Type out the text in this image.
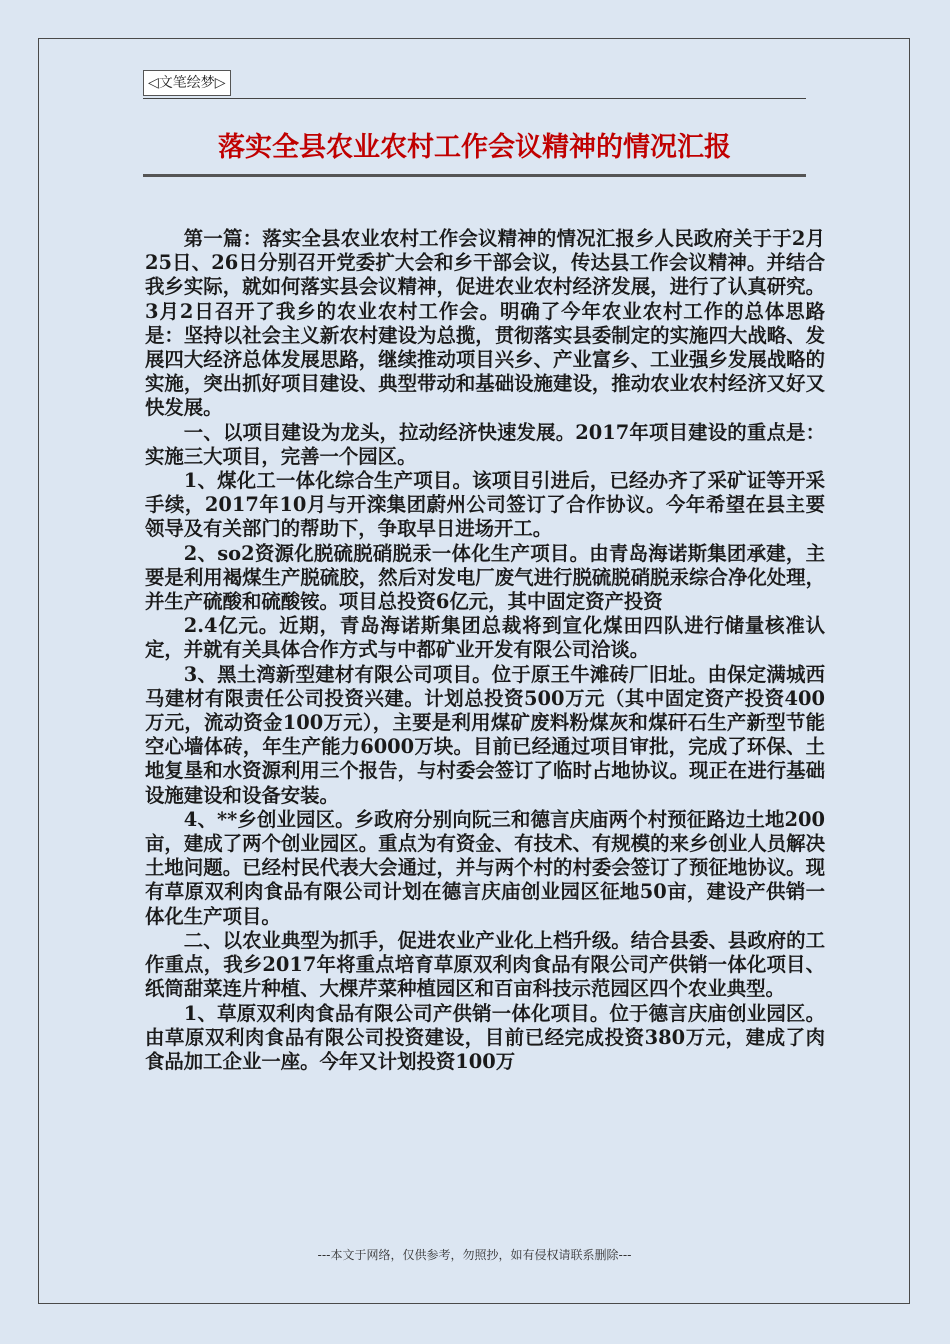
◁文笔绘梦▷
落实全县农业农村工作会议精神的情况汇报

第一篇：落实全县农业农村工作会议精神的情况汇报乡人民政府关于于2月25日、26日分别召开党委扩大会和乡干部会议，传达县工作会议精神。并结合我乡实际，就如何落实县会议精神，促进农业农村经济发展，进行了认真研究。3月2日召开了我乡的农业农村工作会。明确了今年农业农村工作的总体思路是：坚持以社会主义新农村建设为总揽，贯彻落实县委制定的实施四大战略、发展四大经济总体发展思路，继续推动项目兴乡、产业富乡、工业强乡发展战略的实施，突出抓好项目建设、典型带动和基础设施建设，推动农业农村经济又好又快发展。

一、以项目建设为龙头，拉动经济快速发展。2017年项目建设的重点是：实施三大项目，完善一个园区。

1、煤化工一体化综合生产项目。该项目引进后，已经办齐了采矿证等开采手续，2017年10月与开滦集团蔚州公司签订了合作协议。今年希望在县主要领导及有关部门的帮助下，争取早日进场开工。

2、so2资源化脱硫脱硝脱汞一体化生产项目。由青岛海诺斯集团承建，主要是利用褐煤生产脱硫胶，然后对发电厂废气进行脱硫脱硝脱汞综合净化处理，并生产硫酸和硫酸铵。项目总投资6亿元，其中固定资产投资

2.4亿元。近期，青岛海诺斯集团总裁将到宣化煤田四队进行储量核准认定，并就有关具体合作方式与中都矿业开发有限公司洽谈。

3、黑土湾新型建材有限公司项目。位于原王牛滩砖厂旧址。由保定满城西马建材有限责任公司投资兴建。计划总投资500万元（其中固定资产投资400万元，流动资金100万元），主要是利用煤矿废料粉煤灰和煤矸石生产新型节能空心墙体砖，年生产能力6000万块。目前已经通过项目审批，完成了环保、土地复垦和水资源利用三个报告，与村委会签订了临时占地协议。现正在进行基础设施建设和设备安装。

4、**乡创业园区。乡政府分别向阮三和德言庆庙两个村预征路边土地200亩，建成了两个创业园区。重点为有资金、有技术、有规模的来乡创业人员解决土地问题。已经村民代表大会通过，并与两个村的村委会签订了预征地协议。现有草原双利肉食品有限公司计划在德言庆庙创业园区征地50亩，建设产供销一体化生产项目。

二、以农业典型为抓手，促进农业产业化上档升级。结合县委、县政府的工作重点，我乡2017年将重点培育草原双利肉食品有限公司产供销一体化项目、纸筒甜菜连片种植、大棵芹菜种植园区和百亩科技示范园区四个农业典型。

1、草原双利肉食品有限公司产供销一体化项目。位于德言庆庙创业园区。由草原双利肉食品有限公司投资建设，目前已经完成投资380万元，建成了肉食品加工企业一座。今年又计划投资100万

---本文于网络，仅供参考，勿照抄，如有侵权请联系删除---
